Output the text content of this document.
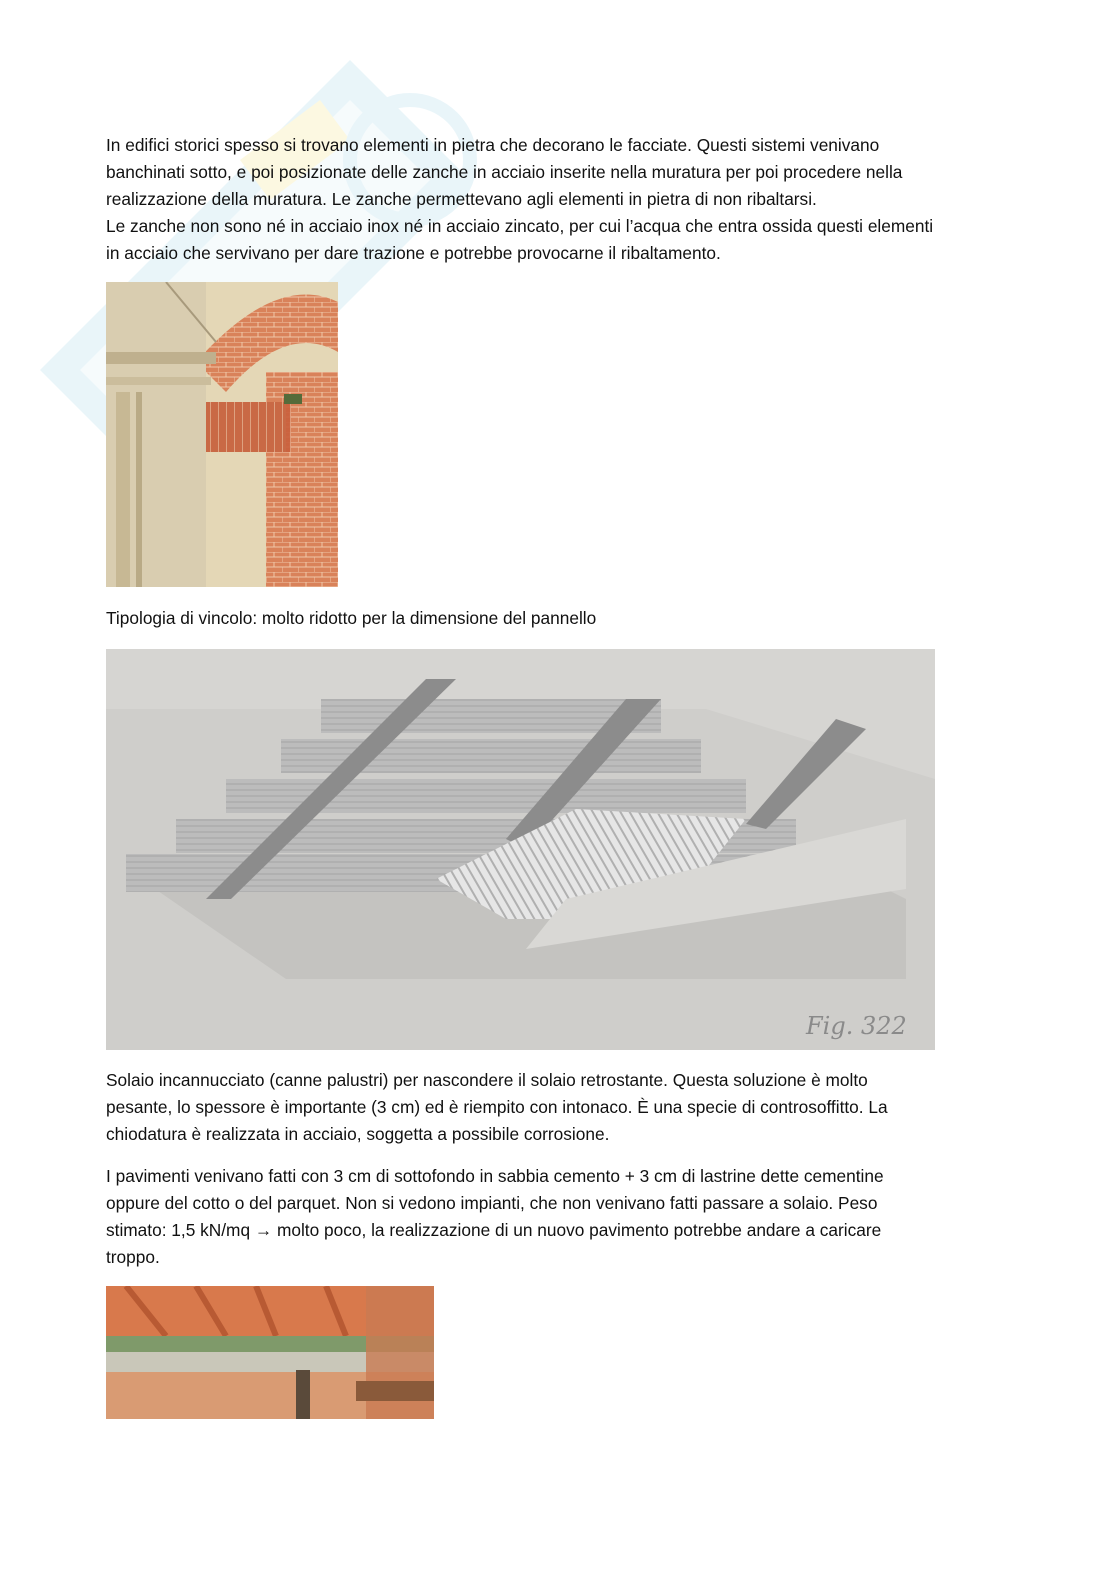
In edifici storici spesso si trovano elementi in pietra che decorano le facciate. Questi sistemi venivano
banchinati sotto, e poi posizionate delle zanche in acciaio inserite nella muratura per poi procedere nella
realizzazione della muratura. Le zanche permettevano agli elementi in pietra di non ribaltarsi.
Le zanche non sono né in acciaio inox né in acciaio zincato, per cui l’acqua che entra ossida questi elementi
in acciaio che servivano per dare trazione e potrebbe provocarne il ribaltamento.

Tipologia di vincolo: molto ridotto per la dimensione del pannello

Fig. 322

Solaio incannucciato (canne palustri) per nascondere il solaio retrostante. Questa soluzione è molto
pesante, lo spessore è importante (3 cm) ed è riempito con intonaco. È una specie di controsoffitto. La
chiodatura è realizzata in acciaio, soggetta a possibile corrosione.

I pavimenti venivano fatti con 3 cm di sottofondo in sabbia cemento + 3 cm di lastrine dette cementine
oppure del cotto o del parquet. Non si vedono impianti, che non venivano fatti passare a solaio. Peso
stimato: 1,5 kN/mq → molto poco, la realizzazione di un nuovo pavimento potrebbe andare a caricare
troppo.
